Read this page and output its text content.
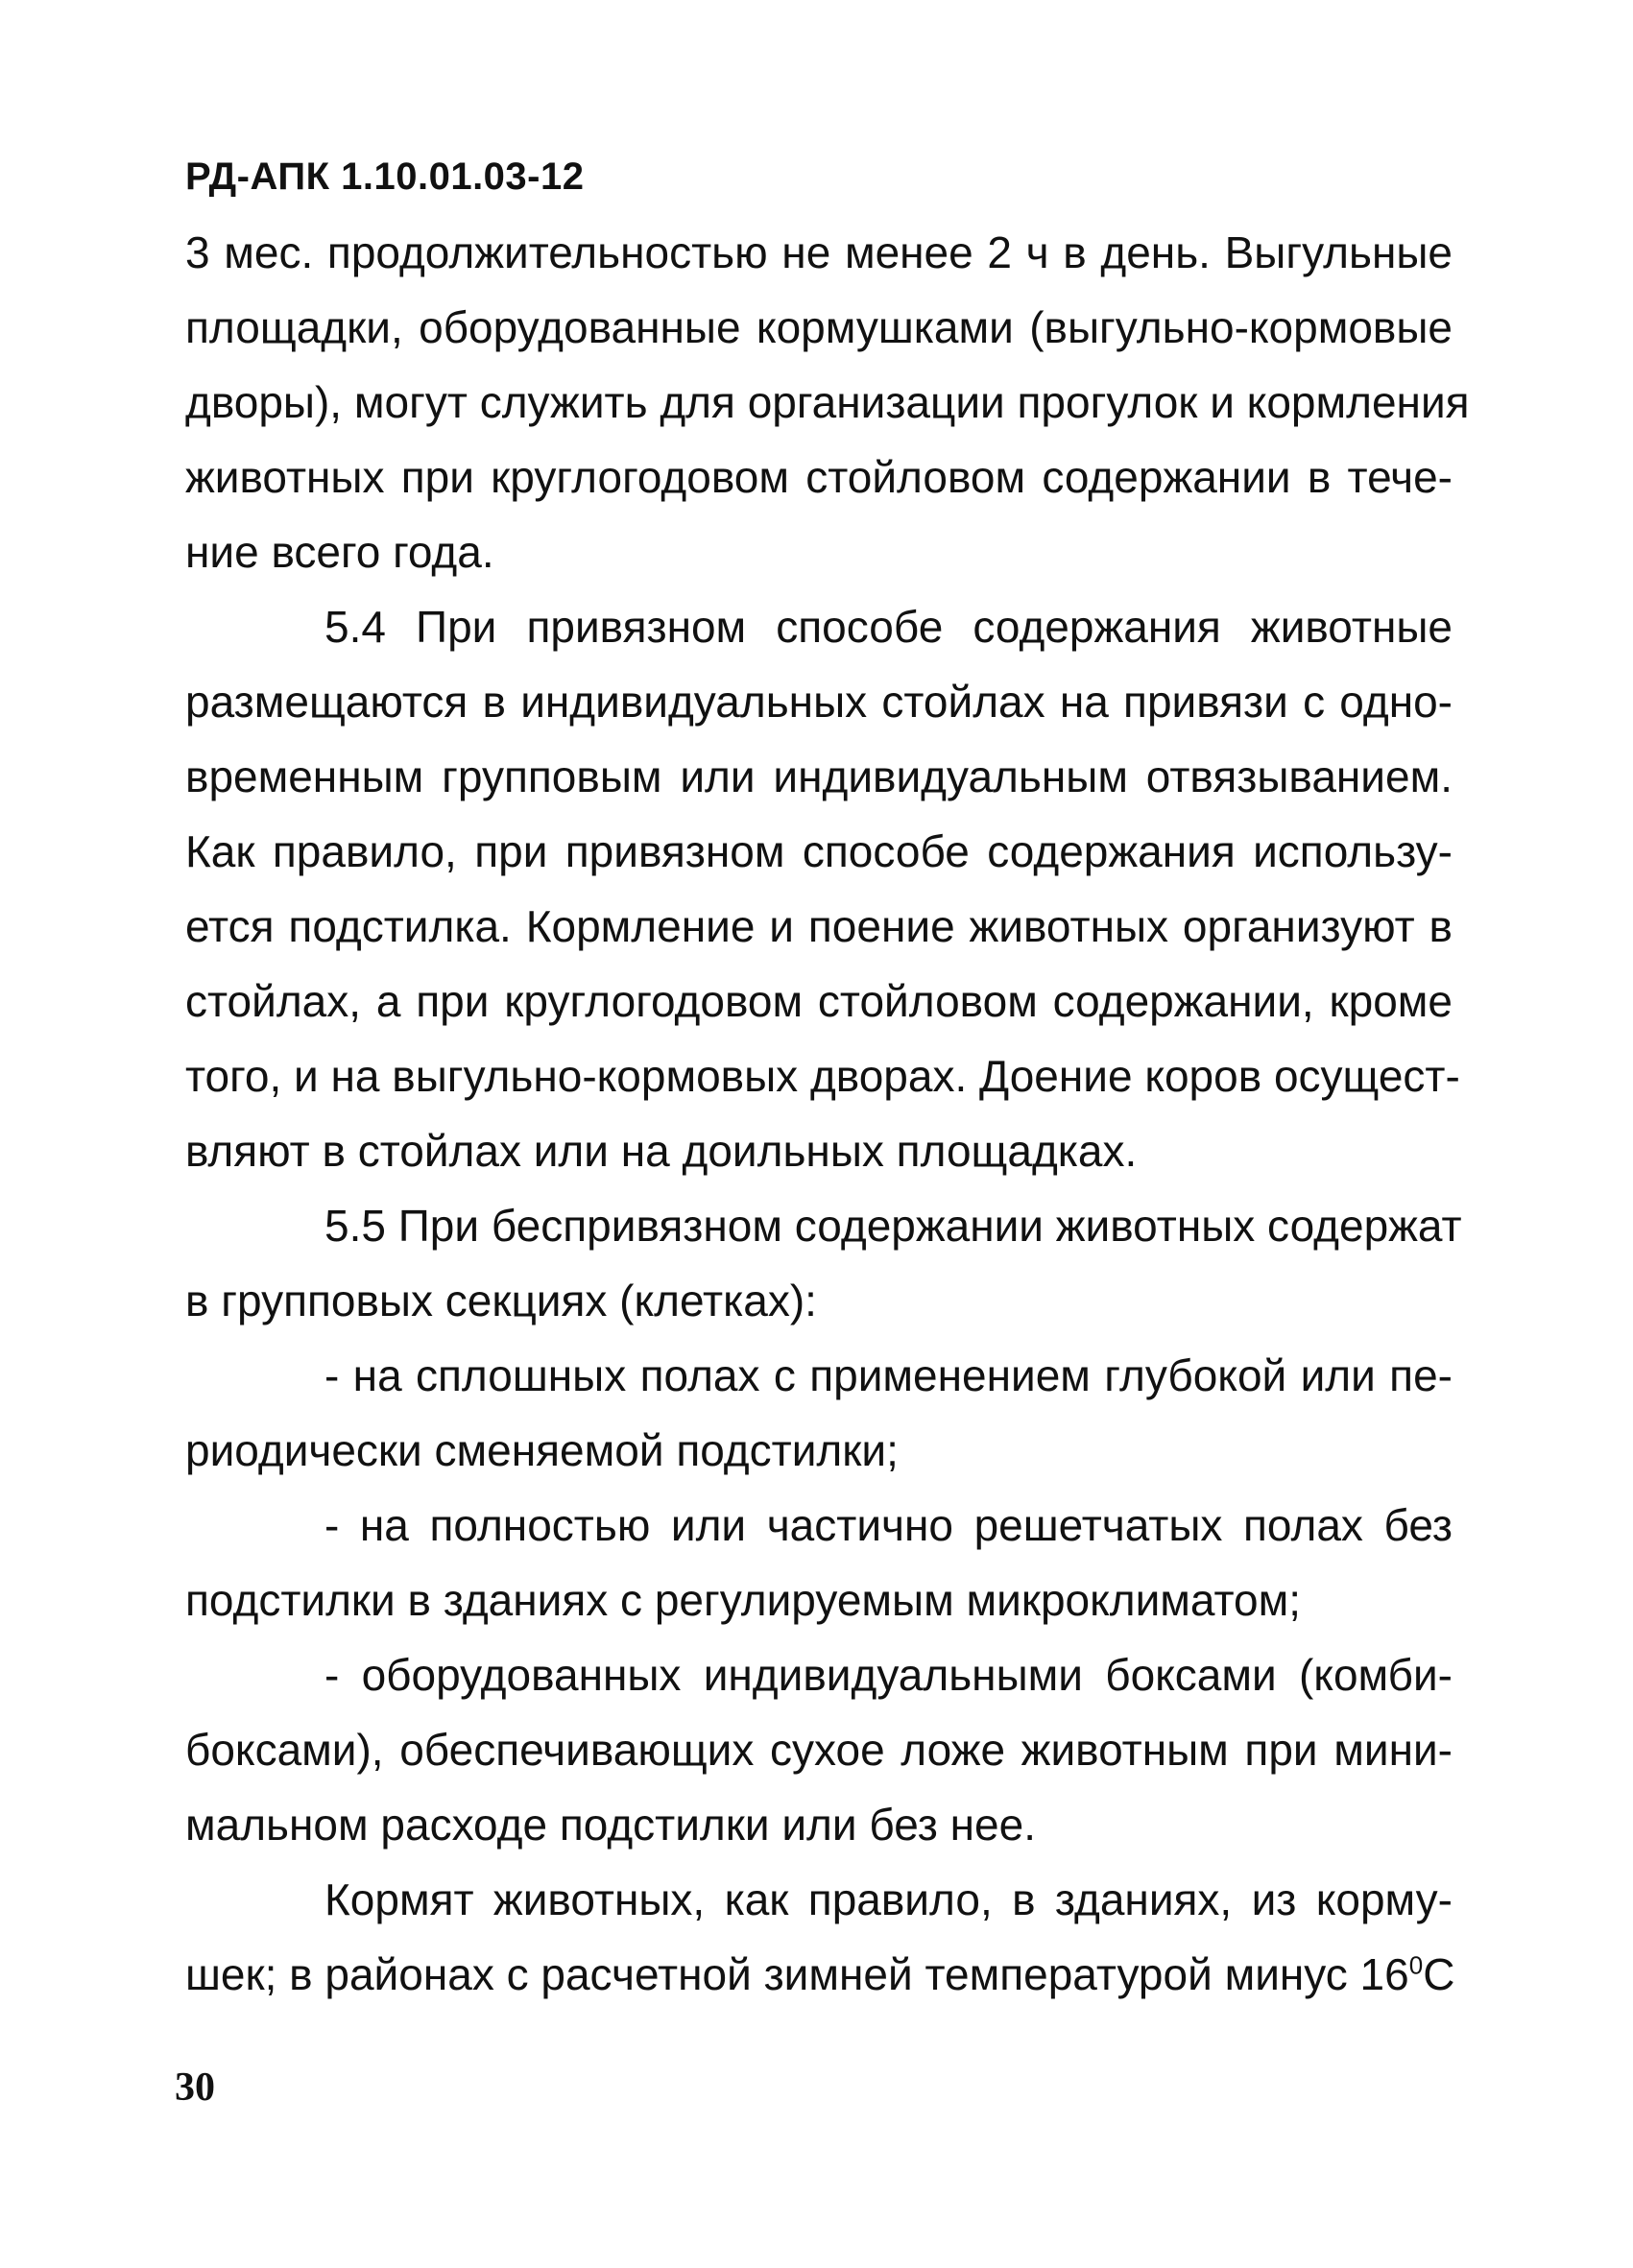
РД-АПК 1.10.01.03-12
3 мес. продолжительностью не менее 2 ч в день. Выгульные
площадки, оборудованные кормушками (выгульно-кормовые
дворы), могут служить для организации прогулок и кормления
животных при круглогодовом стойловом содержании в тече-
ние всего года.
5.4 При привязном способе содержания животные
размещаются в индивидуальных стойлах на привязи с одно-
временным групповым или индивидуальным отвязыванием.
Как правило, при привязном способе содержания использу-
ется подстилка. Кормление и поение животных организуют в
стойлах, а при круглогодовом стойловом содержании, кроме
того, и на выгульно-кормовых дворах. Доение коров осущест-
вляют в стойлах или на доильных площадках.
5.5 При беспривязном содержании животных содержат
в групповых секциях (клетках):
- на сплошных полах с применением глубокой или пе-
риодически сменяемой подстилки;
- на полностью или частично решетчатых полах без
подстилки в зданиях с регулируемым микроклиматом;
- оборудованных индивидуальными боксами (комби-
боксами), обеспечивающих сухое ложе животным при мини-
мальном расходе подстилки или без нее.
Кормят животных, как правило, в зданиях, из корму-
шек; в районах с расчетной зимней температурой минус $16^0С$
30
